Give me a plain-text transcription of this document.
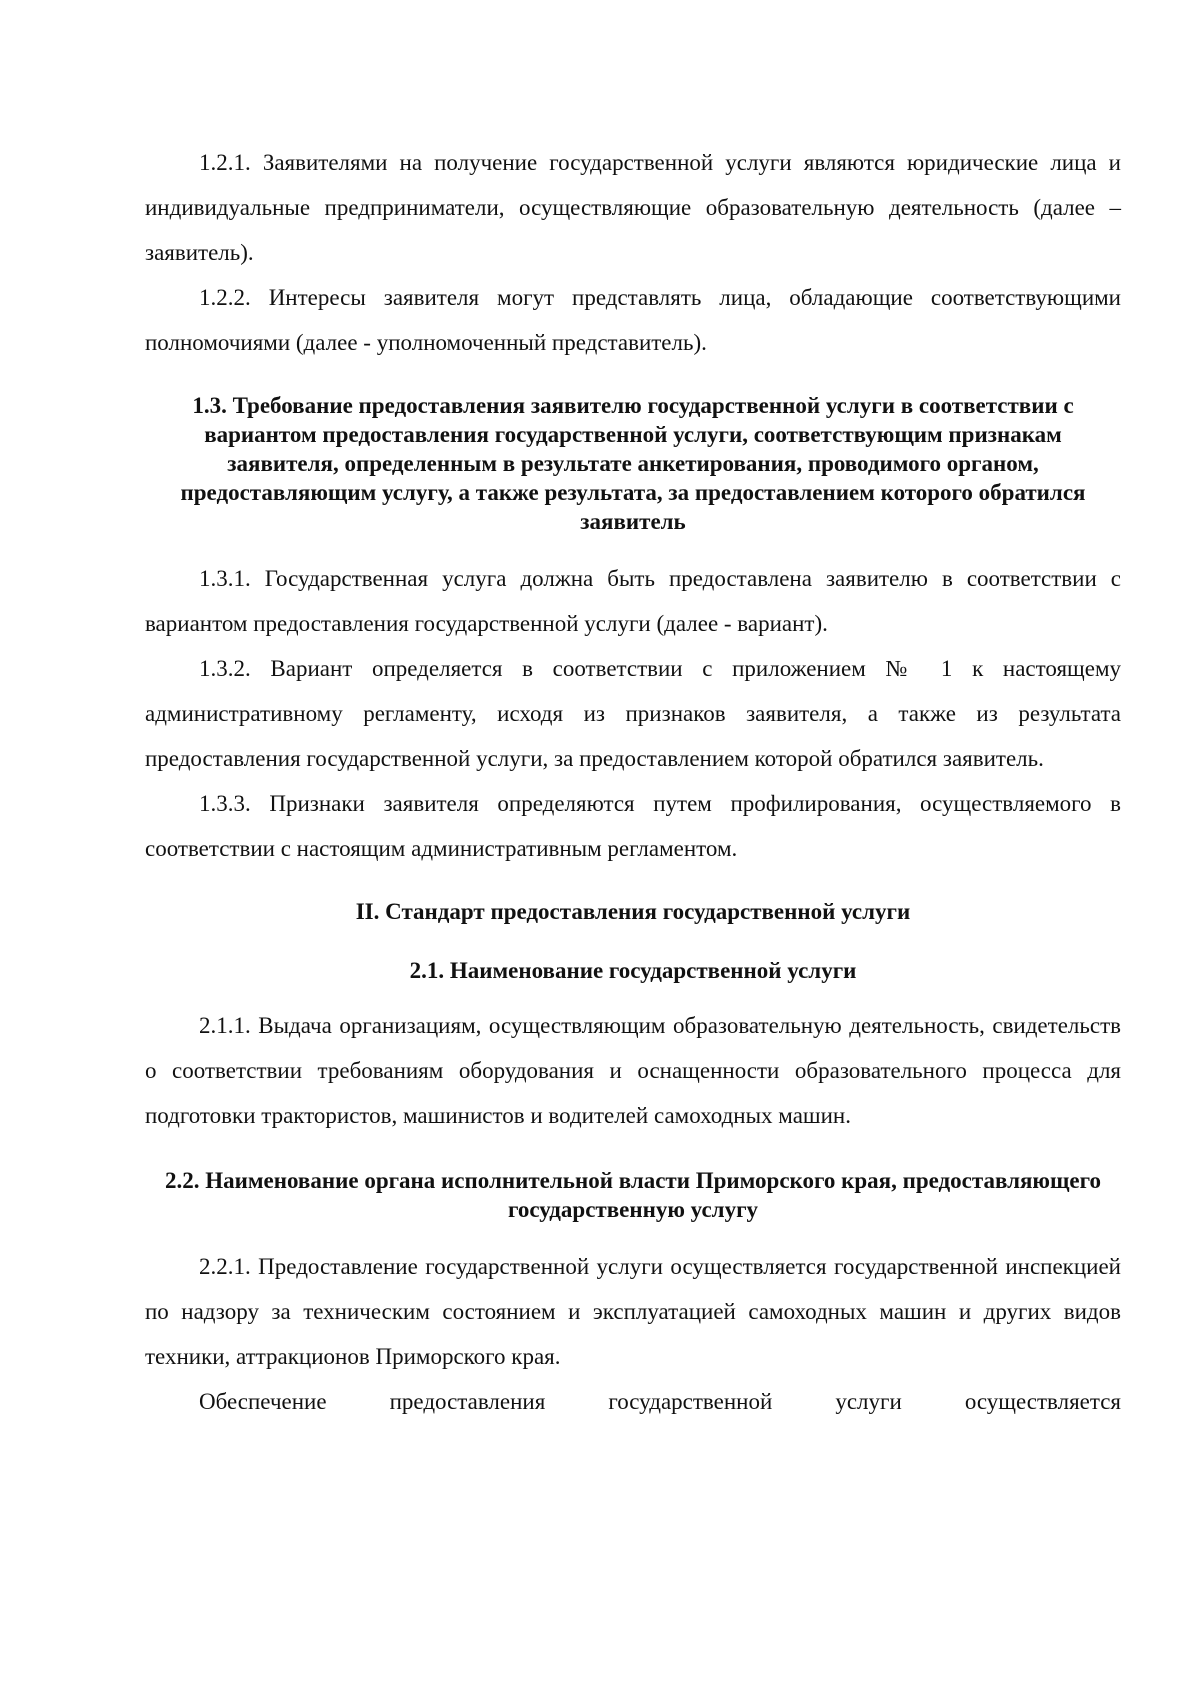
1.2.1. Заявителями на получение государственной услуги являются юридические лица и индивидуальные предприниматели, осуществляющие образовательную деятельность (далее – заявитель).

1.2.2. Интересы заявителя могут представлять лица, обладающие соответствующими полномочиями (далее - уполномоченный представитель).

1.3. Требование предоставления заявителю государственной услуги в соответствии с вариантом предоставления государственной услуги, соответствующим признакам заявителя, определенным в результате анкетирования, проводимого органом, предоставляющим услугу, а также результата, за предоставлением которого обратился заявитель

1.3.1. Государственная услуга должна быть предоставлена заявителю в соответствии с вариантом предоставления государственной услуги (далее - вариант).

1.3.2. Вариант определяется в соответствии с приложением № 1 к настоящему административному регламенту, исходя из признаков заявителя, а также из результата предоставления государственной услуги, за предоставлением которой обратился заявитель.

1.3.3. Признаки заявителя определяются путем профилирования, осуществляемого в соответствии с настоящим административным регламентом.

II. Стандарт предоставления государственной услуги
2.1. Наименование государственной услуги

2.1.1. Выдача организациям, осуществляющим образовательную деятельность, свидетельств о соответствии требованиям оборудования и оснащенности образовательного процесса для подготовки трактористов, машинистов и водителей самоходных машин.

2.2. Наименование органа исполнительной власти Приморского края, предоставляющего государственную услугу

2.2.1. Предоставление государственной услуги осуществляется государственной инспекцией по надзору за техническим состоянием и эксплуатацией самоходных машин и других видов техники, аттракционов Приморского края.

Обеспечение предоставления государственной услуги осуществляется
